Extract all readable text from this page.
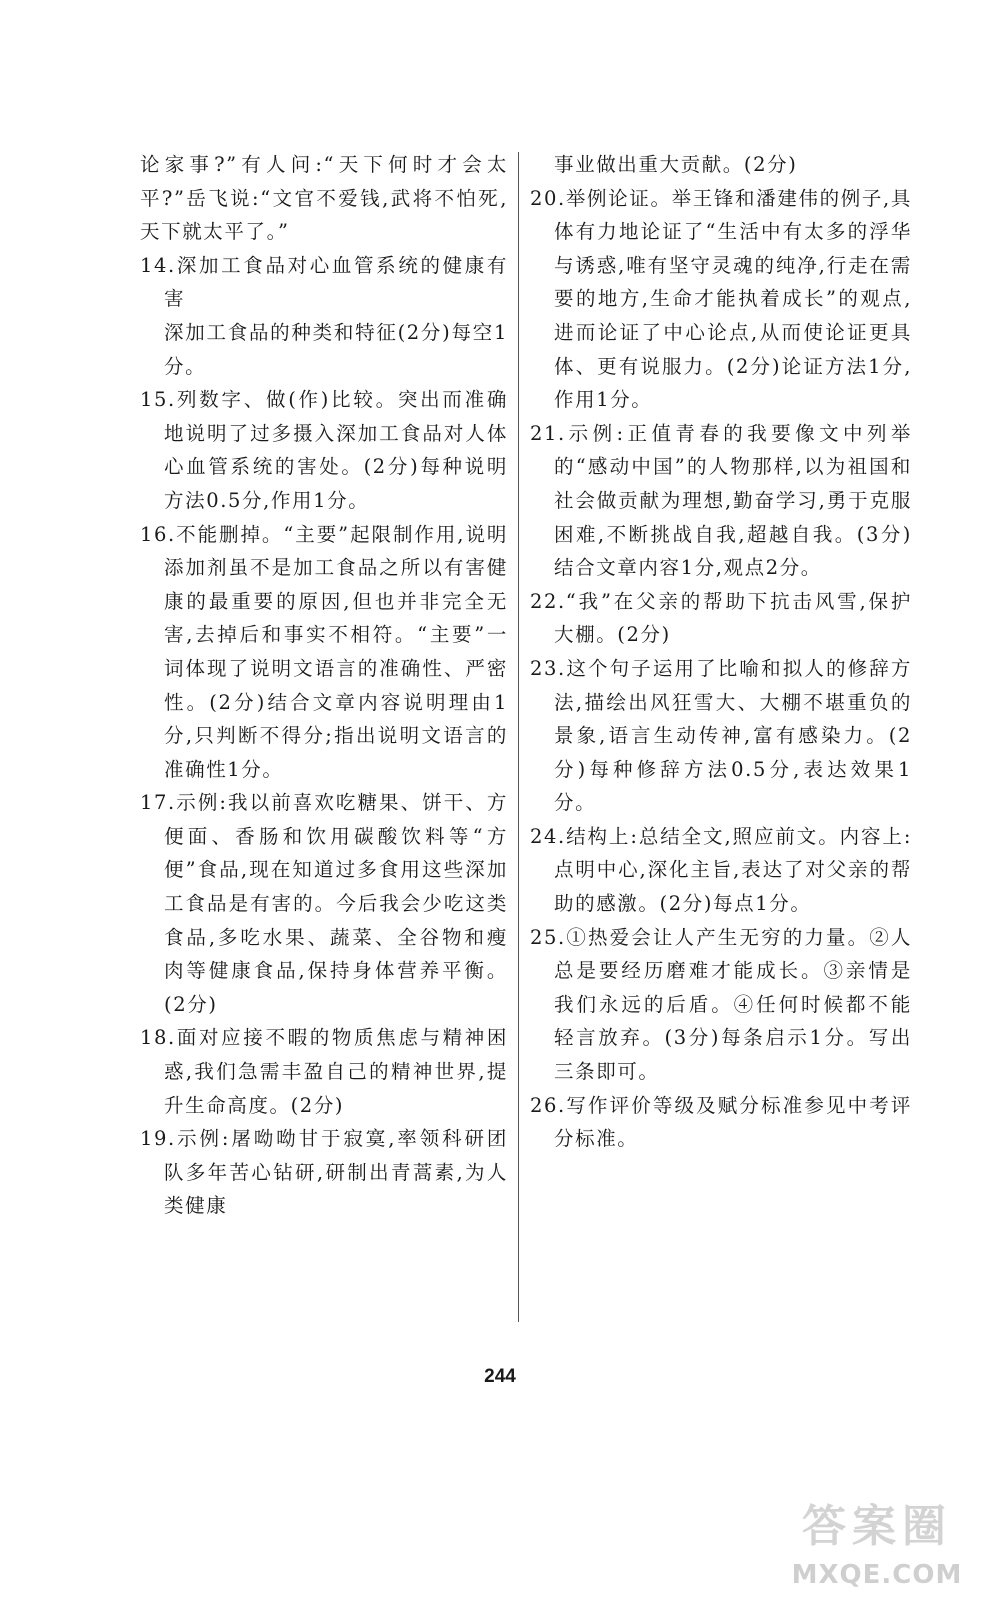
论家事?”有人问:“天下何时才会太平?”岳飞说:“文官不爱钱,武将不怕死,天下就太平了。”
14.深加工食品对心血管系统的健康有害
深加工食品的种类和特征(2分)每空1分。
15.列数字、做(作)比较。突出而准确地说明了过多摄入深加工食品对人体心血管系统的害处。(2分)每种说明方法0.5分,作用1分。
16.不能删掉。“主要”起限制作用,说明添加剂虽不是加工食品之所以有害健康的最重要的原因,但也并非完全无害,去掉后和事实不相符。“主要”一词体现了说明文语言的准确性、严密性。(2分)结合文章内容说明理由1分,只判断不得分;指出说明文语言的准确性1分。
17.示例:我以前喜欢吃糖果、饼干、方便面、香肠和饮用碳酸饮料等“方便”食品,现在知道过多食用这些深加工食品是有害的。今后我会少吃这类食品,多吃水果、蔬菜、全谷物和瘦肉等健康食品,保持身体营养平衡。(2分)
18.面对应接不暇的物质焦虑与精神困惑,我们急需丰盈自己的精神世界,提升生命高度。(2分)
19.示例:屠呦呦甘于寂寞,率领科研团队多年苦心钻研,研制出青蒿素,为人类健康
事业做出重大贡献。(2分)
20.举例论证。举王锋和潘建伟的例子,具体有力地论证了“生活中有太多的浮华与诱惑,唯有坚守灵魂的纯净,行走在需要的地方,生命才能执着成长”的观点,进而论证了中心论点,从而使论证更具体、更有说服力。(2分)论证方法1分,作用1分。
21.示例:正值青春的我要像文中列举的“感动中国”的人物那样,以为祖国和社会做贡献为理想,勤奋学习,勇于克服困难,不断挑战自我,超越自我。(3分)结合文章内容1分,观点2分。
22.“我”在父亲的帮助下抗击风雪,保护大棚。(2分)
23.这个句子运用了比喻和拟人的修辞方法,描绘出风狂雪大、大棚不堪重负的景象,语言生动传神,富有感染力。(2分)每种修辞方法0.5分,表达效果1分。
24.结构上:总结全文,照应前文。内容上:点明中心,深化主旨,表达了对父亲的帮助的感激。(2分)每点1分。
25.①热爱会让人产生无穷的力量。②人总是要经历磨难才能成长。③亲情是我们永远的后盾。④任何时候都不能轻言放弃。(3分)每条启示1分。写出三条即可。
26.写作评价等级及赋分标准参见中考评分标准。
244
答案圈
MXQE.COM
